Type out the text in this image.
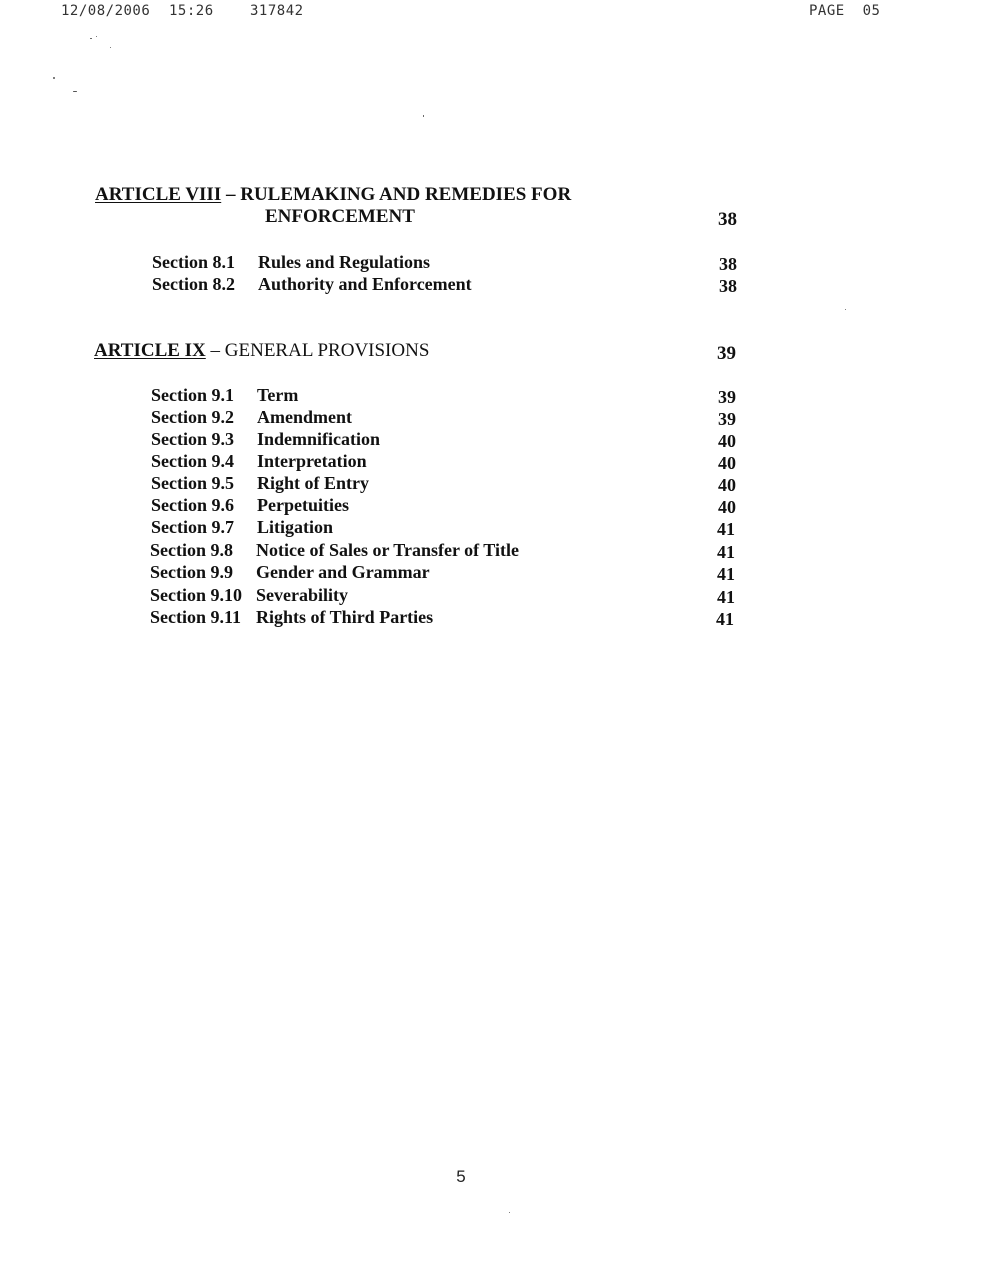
12/08/2006 15:26	317842	PAGE  05
ARTICLE VIII – RULEMAKING AND REMEDIES FOR
ENFORCEMENT	38
Section 8.1 Rules and Regulations	38
Section 8.2 Authority and Enforcement	38
ARTICLE IX – GENERAL PROVISIONS	39
Section 9.1 Term	39
Section 9.2 Amendment	39
Section 9.3 Indemnification	40
Section 9.4 Interpretation	40
Section 9.5 Right of Entry	40
Section 9.6 Perpetuities	40
Section 9.7 Litigation	41
Section 9.8 Notice of Sales or Transfer of Title	41
Section 9.9 Gender and Grammar	41
Section 9.10 Severability	41
Section 9.11 Rights of Third Parties	41
5
